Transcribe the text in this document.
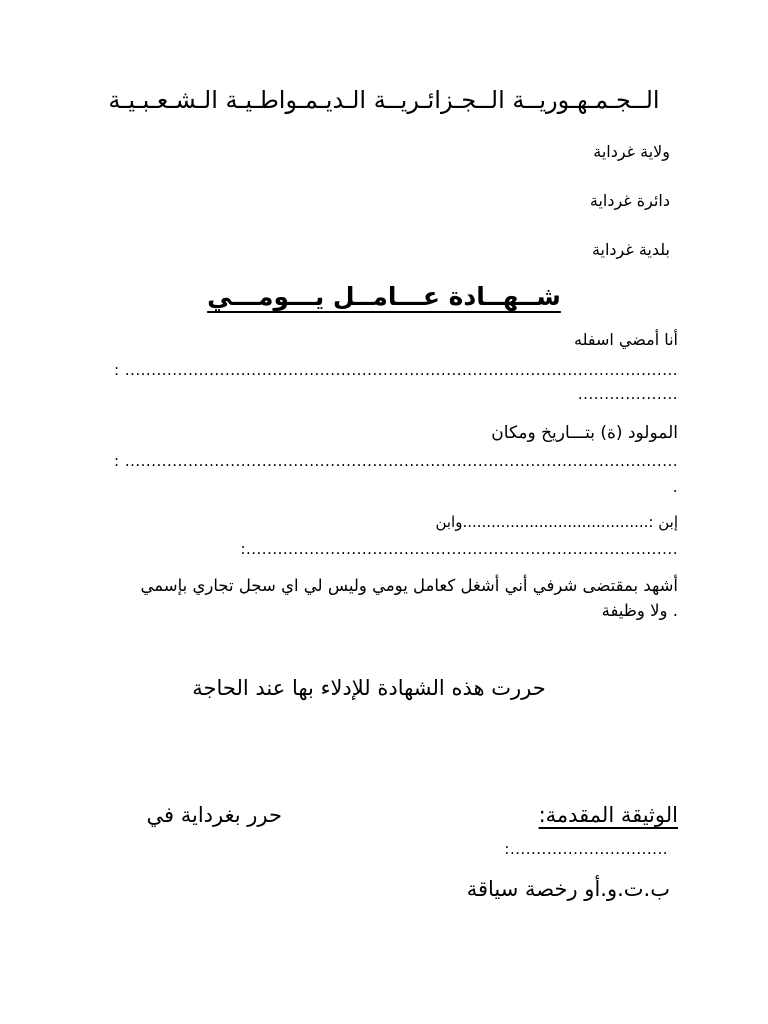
الــجـمـهـوريــة الــجـزائـريــة الـديـمـواطـيـة الـشـعـبـيـة
ولاية غرداية
دائرة غرداية
بلدية غرداية
شــهــادة عـــامــل يـــومـــي
أنا أمضي اسفله
: .........................................................................................................
...................
المولود (ة) بتـــاريخ ومكان
: .........................................................................................................
.
إبن :.......................................وابن
:..................................................................................
أشهد بمقتضى شرفي أني أشغل كعامل يومي وليس لي اي سجل تجاري بإسمي
. ولا وظيفة
حررت هذه الشهادة للإدلاء بها عند الحاجة
الوثيقة المقدمة:
حرر بغرداية في
:..............................
ب.ت.و.أو رخصة سياقة
